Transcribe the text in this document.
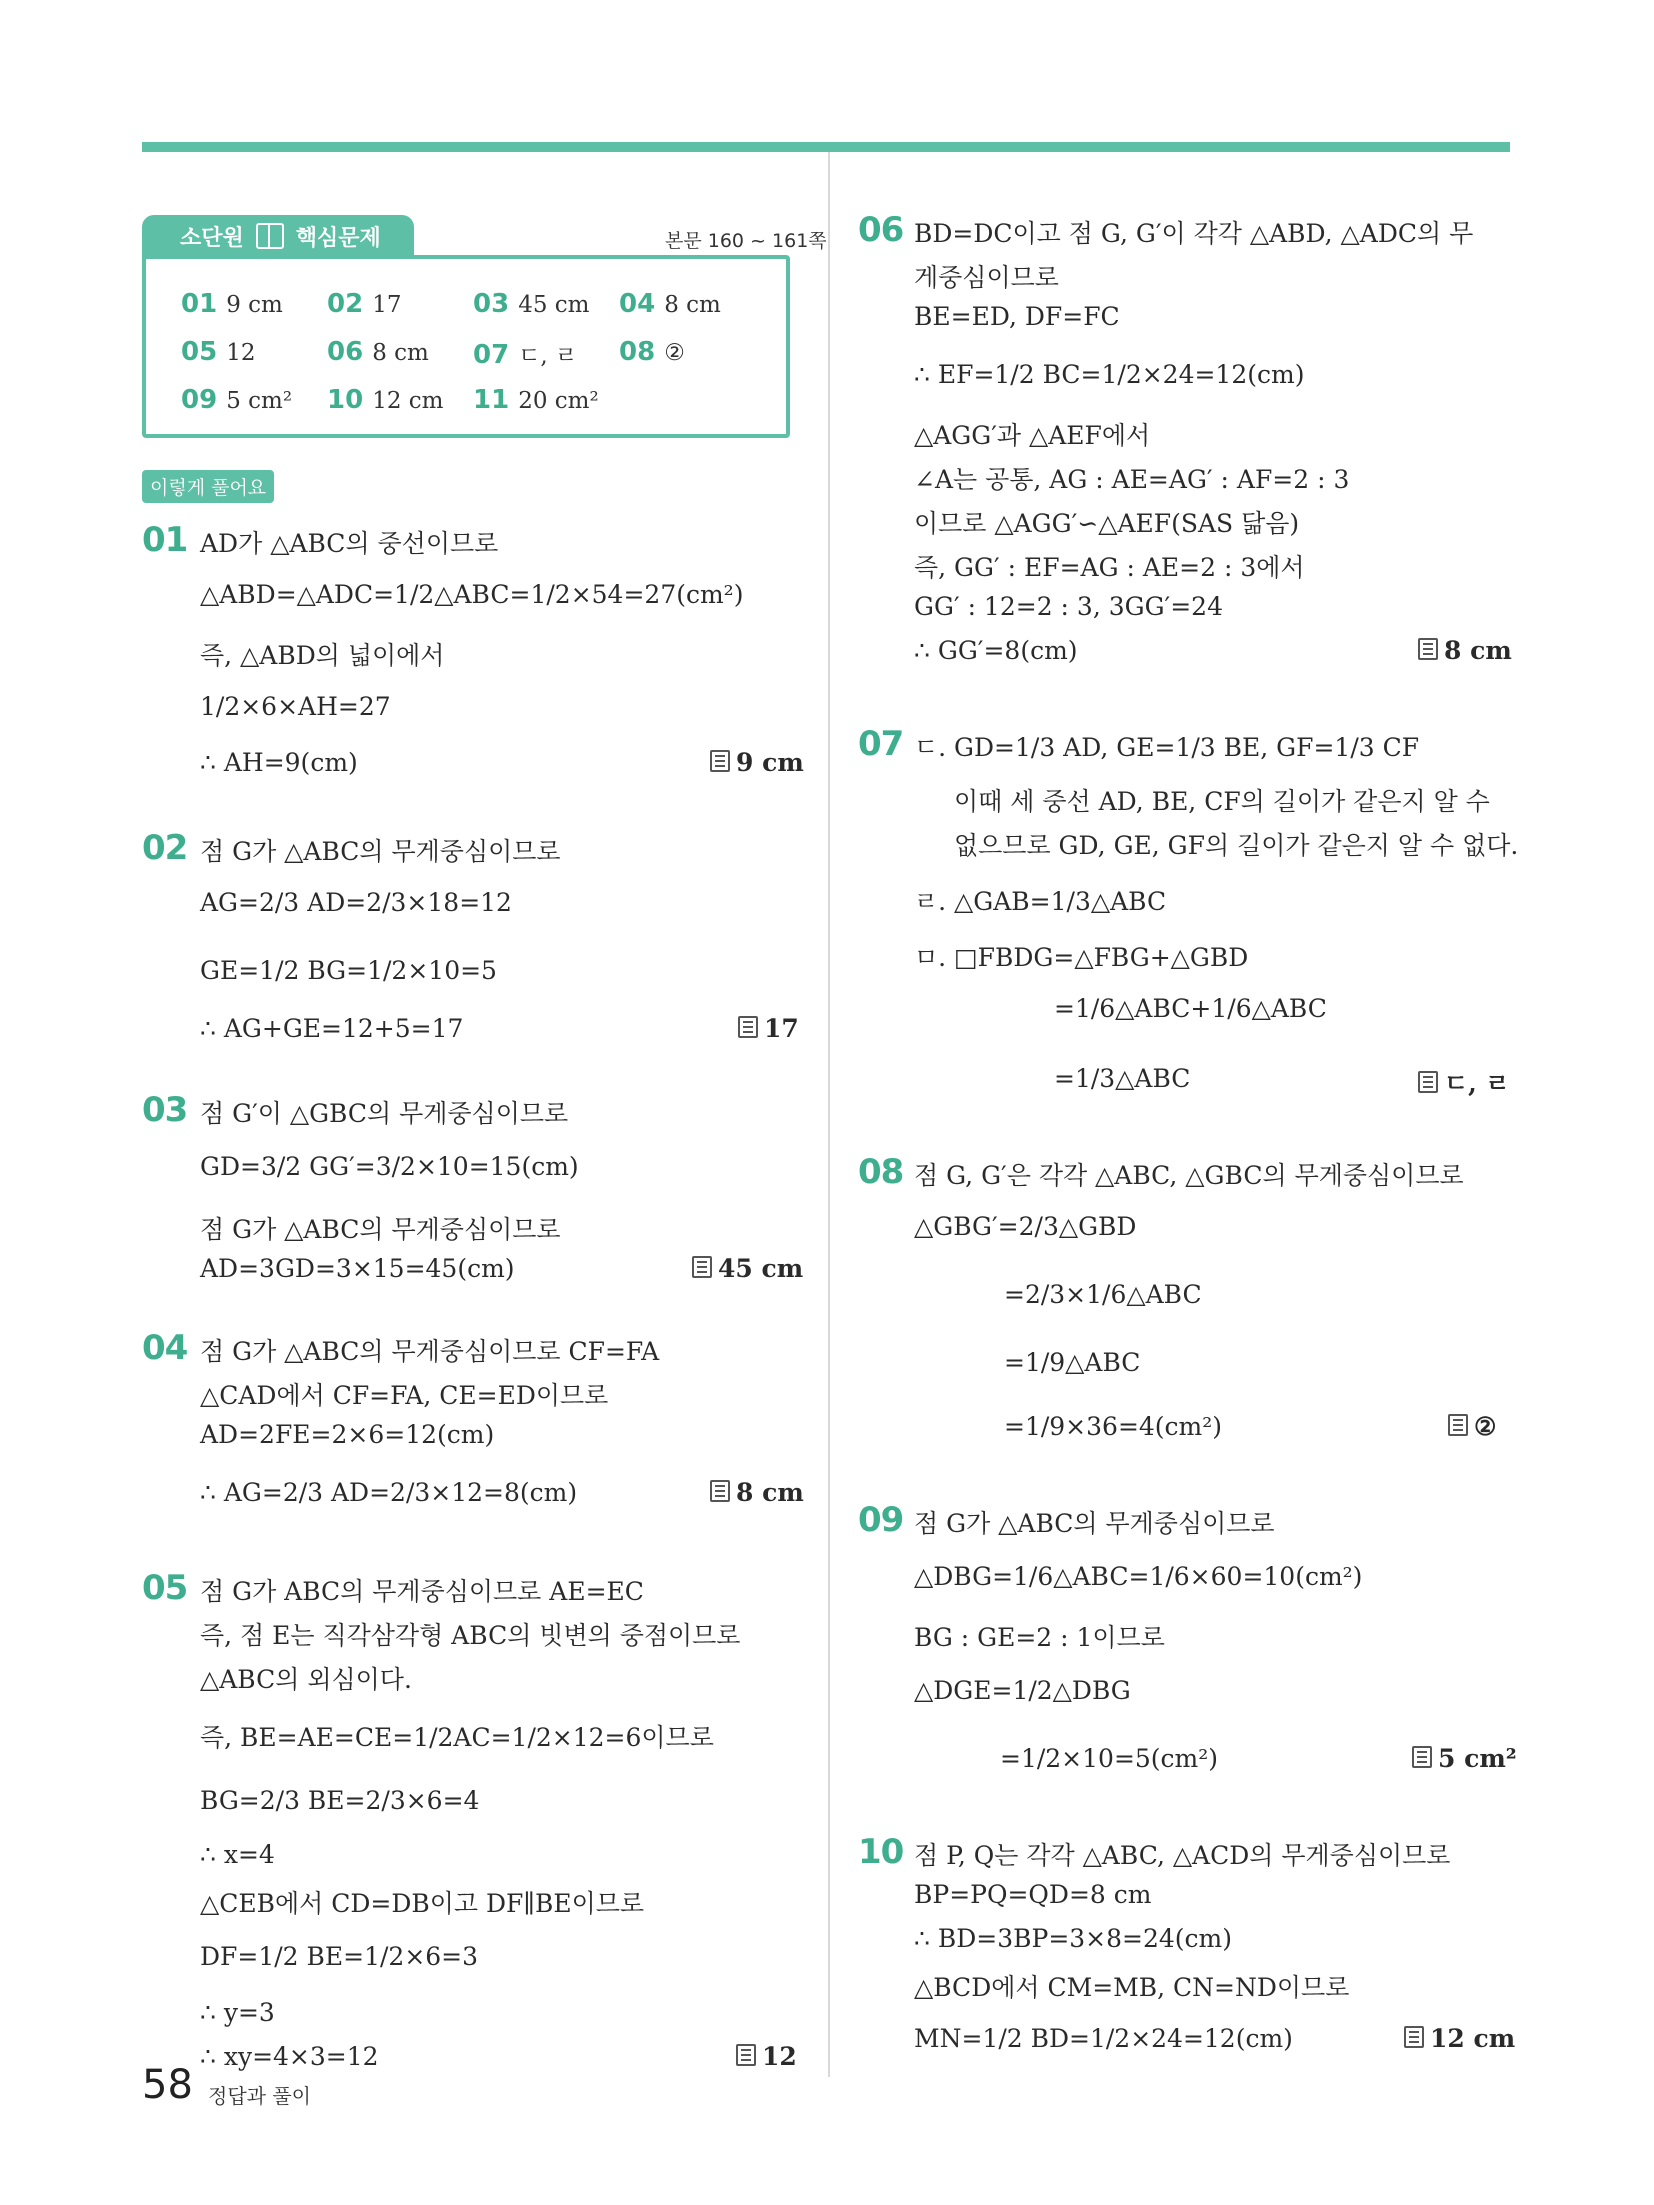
소단원 핵심문제	본문 160 ~ 161쪽
01 9 cm 02 17	03 45 cm 04 8 cm
05 12	06 8 cm 07 ㄷ, ㄹ 08 ②
09 5 cm² 10 12 cm 11 20 cm²
이렇게 풀어요
01 AD가 △ABC의 중선이므로
△ABD=△ADC=1/2△ABC=1/2×54=27(cm²)
즉, △ABD의 넓이에서
1/2×6×AH=27
∴ AH=9(cm)	9 cm
02 점 G가 △ABC의 무게중심이므로
AG=2/3 AD=2/3×18=12
GE=1/2 BG=1/2×10=5
∴ AG+GE=12+5=17	17
03 점 G′이 △GBC의 무게중심이므로
GD=3/2 GG′=3/2×10=15(cm)
점 G가 △ABC의 무게중심이므로
AD=3GD=3×15=45(cm)	45 cm
04 점 G가 △ABC의 무게중심이므로 CF=FA
△CAD에서 CF=FA, CE=ED이므로
AD=2FE=2×6=12(cm)
∴ AG=2/3 AD=2/3×12=8(cm)	8 cm
05 점 G가 ABC의 무게중심이므로 AE=EC
즉, 점 E는 직각삼각형 ABC의 빗변의 중점이므로
△ABC의 외심이다.
즉, BE=AE=CE=1/2AC=1/2×12=6이므로
BG=2/3 BE=2/3×6=4
∴ x=4
△CEB에서 CD=DB이고 DF∥BE이므로
DF=1/2 BE=1/2×6=3
∴ y=3
∴ xy=4×3=12	12
06 BD=DC이고 점 G, G′이 각각 △ABD, △ADC의 무
게중심이므로
BE=ED, DF=FC
∴ EF=1/2 BC=1/2×24=12(cm)
△AGG′과 △AEF에서
∠A는 공통, AG : AE=AG′ : AF=2 : 3
이므로 △AGG′∽△AEF(SAS 닮음)
즉, GG′ : EF=AG : AE=2 : 3에서
GG′ : 12=2 : 3, 3GG′=24
∴ GG′=8(cm)	8 cm
07 ㄷ. GD=1/3 AD, GE=1/3 BE, GF=1/3 CF
이때 세 중선 AD, BE, CF의 길이가 같은지 알 수
없으므로 GD, GE, GF의 길이가 같은지 알 수 없다.
ㄹ. △GAB=1/3△ABC
ㅁ. □FBDG=△FBG+△GBD
=1/6△ABC+1/6△ABC
=1/3△ABC	ㄷ, ㄹ
08 점 G, G′은 각각 △ABC, △GBC의 무게중심이므로
△GBG′=2/3△GBD
=2/3×1/6△ABC
=1/9△ABC
=1/9×36=4(cm²)	②
09 점 G가 △ABC의 무게중심이므로
△DBG=1/6△ABC=1/6×60=10(cm²)
BG : GE=2 : 1이므로
△DGE=1/2△DBG
=1/2×10=5(cm²)	5 cm²
10 점 P, Q는 각각 △ABC, △ACD의 무게중심이므로
BP=PQ=QD=8 cm
∴ BD=3BP=3×8=24(cm)
△BCD에서 CM=MB, CN=ND이므로
MN=1/2 BD=1/2×24=12(cm)	12 cm
58 정답과 풀이
